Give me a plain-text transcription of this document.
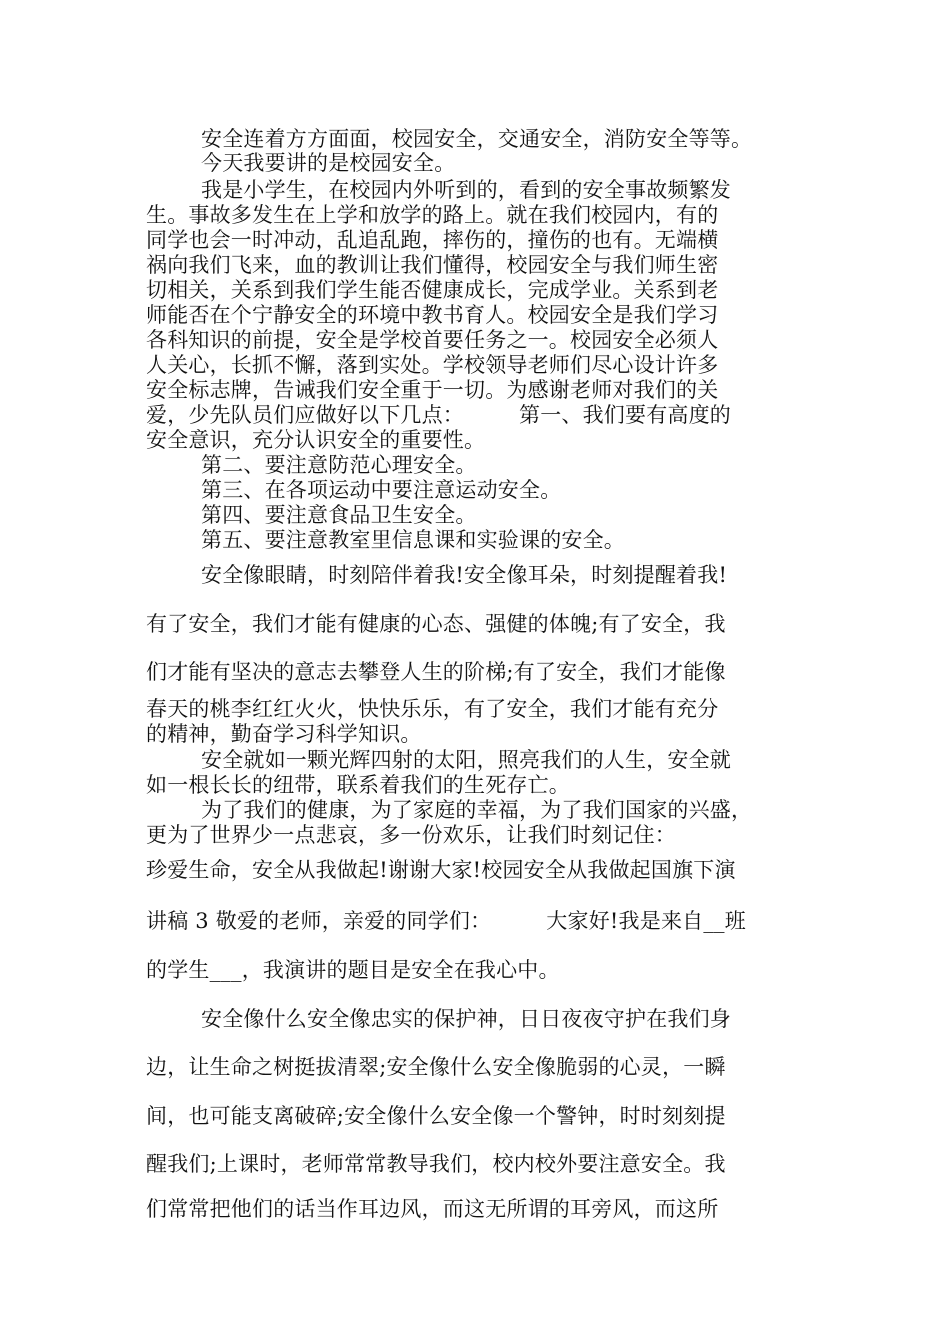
安全连着方方面面，校园安全，交通安全，消防安全等等。
今天我要讲的是校园安全。
我是小学生，在校园内外听到的，看到的安全事故频繁发
生。事故多发生在上学和放学的路上。就在我们校园内，有的
同学也会一时冲动，乱追乱跑，摔伤的，撞伤的也有。无端横
祸向我们飞来，血的教训让我们懂得，校园安全与我们师生密
切相关，关系到我们学生能否健康成长，完成学业。关系到老
师能否在个宁静安全的环境中教书育人。校园安全是我们学习
各科知识的前提，安全是学校首要任务之一。校园安全必须人
人关心，长抓不懈，落到实处。学校领导老师们尽心设计许多
安全标志牌，告诫我们安全重于一切。为感谢老师对我们的关
爱，少先队员们应做好以下几点：        第一、我们要有高度的
安全意识，充分认识安全的重要性。
第二、要注意防范心理安全。
第三、在各项运动中要注意运动安全。
第四、要注意食品卫生安全。
第五、要注意教室里信息课和实验课的安全。
安全像眼睛，时刻陪伴着我!安全像耳朵，时刻提醒着我!
有了安全，我们才能有健康的心态、强健的体魄;有了安全，我
们才能有坚决的意志去攀登人生的阶梯;有了安全，我们才能像
春天的桃李红红火火，快快乐乐，有了安全，我们才能有充分
的精神，勤奋学习科学知识。
安全就如一颗光辉四射的太阳，照亮我们的人生，安全就
如一根长长的纽带，联系着我们的生死存亡。
为了我们的健康，为了家庭的幸福，为了我们国家的兴盛，
更为了世界少一点悲哀，多一份欢乐，让我们时刻记住：
珍爱生命，安全从我做起!谢谢大家!校园安全从我做起国旗下演
讲稿 3 敬爱的老师，亲爱的同学们：        大家好!我是来自__班
的学生___，我演讲的题目是安全在我心中。
安全像什么安全像忠实的保护神，日日夜夜守护在我们身
边，让生命之树挺拔清翠;安全像什么安全像脆弱的心灵，一瞬
间，也可能支离破碎;安全像什么安全像一个警钟，时时刻刻提
醒我们;上课时，老师常常教导我们，校内校外要注意安全。我
们常常把他们的话当作耳边风，而这无所谓的耳旁风，而这所
